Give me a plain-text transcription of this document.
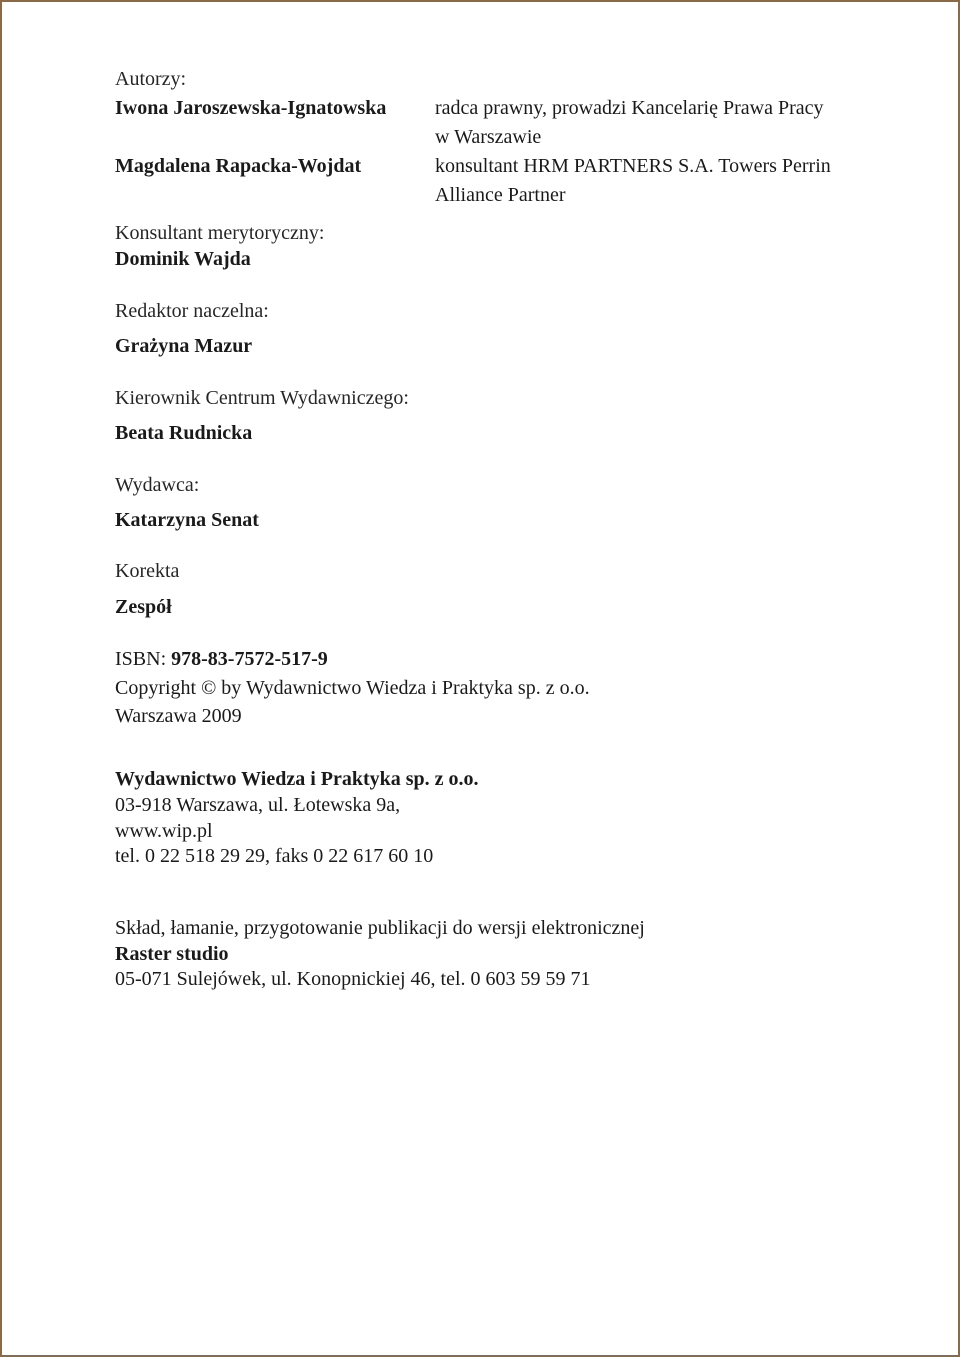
Autorzy:
Iwona Jaroszewska-Ignatowska radca prawny, prowadzi Kancelarię Prawa Pracy
w Warszawie
Magdalena Rapacka-Wojdat	konsultant HRM PARTNERS S.A. Towers Perrin
Alliance Partner
Konsultant merytoryczny:
Dominik Wajda
Redaktor naczelna:
Grażyna Mazur
Kierownik Centrum Wydawniczego:
Beata Rudnicka
Wydawca:
Katarzyna Senat
Korekta
Zespół
ISBN: 978-83-7572-517-9
Copyright © by Wydawnictwo Wiedza i Praktyka sp. z o.o.
Warszawa 2009
Wydawnictwo Wiedza i Praktyka sp. z o.o.
03-918 Warszawa, ul. Łotewska 9a,
www.wip.pl
tel. 0 22 518 29 29, faks 0 22 617 60 10
Skład, łamanie, przygotowanie publikacji do wersji elektronicznej
Raster studio
05-071 Sulejówek, ul. Konopnickiej 46, tel. 0 603 59 59 71
